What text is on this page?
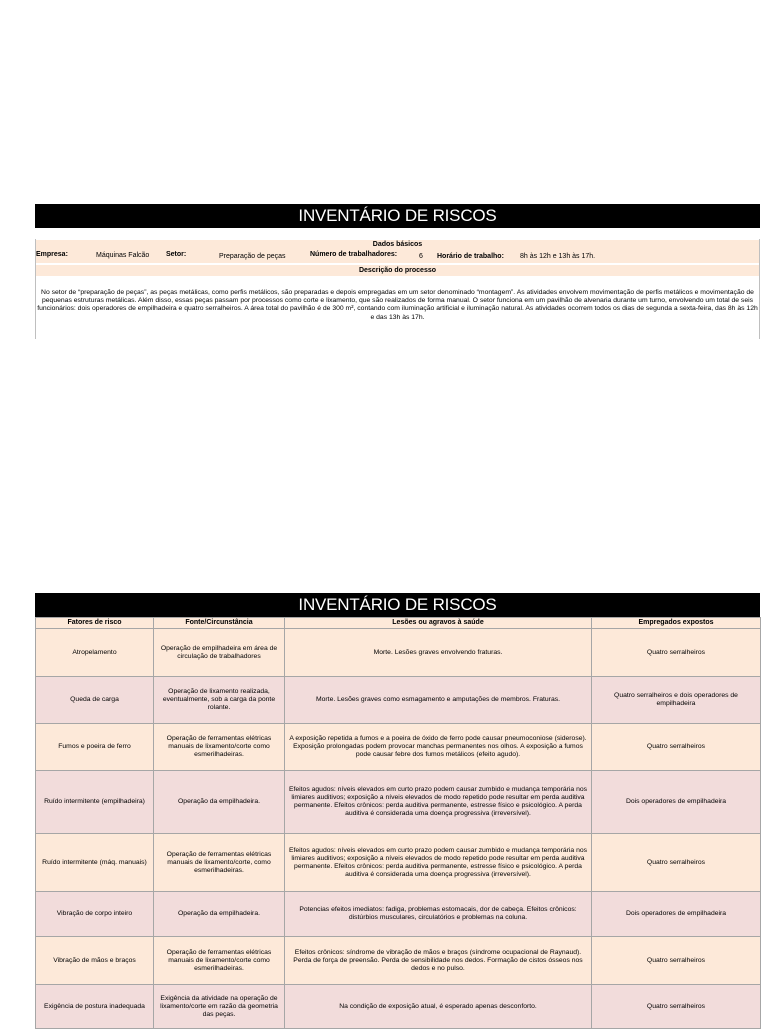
INVENTÁRIO DE RISCOS
Dados básicos
Empresa:	Máquinas Falcão Setor:	Preparação de peças	Número de trabalhadores:	6 Horário de trabalho: 8h às 12h e 13h às 17h.
Descrição do processo
No setor de “preparação de peças”, as peças metálicas, como perfis metálicos, são preparadas e depois empregadas em um setor denominado “montagem”. As atividades envolvem movimentação de perfis metálicos e movimentação de pequenas estruturas metálicas. Além disso, essas peças passam por processos como corte e lixamento, que são realizados de forma manual. O setor funciona em um pavilhão de alvenaria durante um turno, envolvendo um total de seis funcionários: dois operadores de empilhadeira e quatro serralheiros. A área total do pavilhão é de 300 m², contando com iluminação artificial e iluminação natural. As atividades ocorrem todos os dias de segunda a sexta-feira, das 8h às 12h e das 13h às 17h.
INVENTÁRIO DE RISCOS
Fatores de risco	Fonte/Circunstância	Lesões ou agravos à saúde	Empregados expostos
Atropelamento	Operação de empilhadeira em área de circulação de trabalhadores	Morte. Lesões graves envolvendo fraturas.	Quatro serralheiros
Queda de carga	Operação de lixamento realizada, eventualmente, sob a carga da ponte rolante.	Morte. Lesões graves como esmagamento e amputações de membros. Fraturas.	Quatro serralheiros e dois operadores de empilhadeira
Fumos e poeira de ferro	Operação de ferramentas elétricas manuais de lixamento/corte como esmerilhadeiras.	A exposição repetida a fumos e a poeira de óxido de ferro pode causar pneumoconiose (siderose). Exposição prolongadas podem provocar manchas permanentes nos olhos. A exposição a fumos pode causar febre dos fumos metálicos (efeito agudo).	Quatro serralheiros
Ruído intermitente (empilhadeira)	Operação da empilhadeira.	Efeitos agudos: níveis elevados em curto prazo podem causar zumbido e mudança temporária nos limiares auditivos; exposição a níveis elevados de modo repetido pode resultar em perda auditiva permanente. Efeitos crônicos: perda auditiva permanente, estresse físico e psicológico. A perda auditiva é considerada uma doença progressiva (irreversível).	Dois operadores de empilhadeira
Ruído intermitente (máq. manuais)	Operação de ferramentas elétricas manuais de lixamento/corte, como esmerilhadeiras.	Efeitos agudos: níveis elevados em curto prazo podem causar zumbido e mudança temporária nos limiares auditivos; exposição a níveis elevados de modo repetido pode resultar em perda auditiva permanente. Efeitos crônicos: perda auditiva permanente, estresse físico e psicológico. A perda auditiva é considerada uma doença progressiva (irreversível).	Quatro serralheiros
Vibração de corpo inteiro	Operação da empilhadeira.	Potencias efeitos imediatos: fadiga, problemas estomacais, dor de cabeça. Efeitos crônicos: distúrbios musculares, circulatórios e problemas na coluna.	Dois operadores de empilhadeira
Vibração de mãos e braços	Operação de ferramentas elétricas manuais de lixamento/corte como esmerilhadeiras.	Efeitos crônicos: síndrome de vibração de mãos e braços (síndrome ocupacional de Raynaud). Perda de força de preensão. Perda de sensibilidade nos dedos. Formação de cistos ósseos nos dedos e no pulso.	Quatro serralheiros
Exigência de postura inadequada	Exigência da atividade na operação de lixamento/corte em razão da geometria das peças.	Na condição de exposição atual, é esperado apenas desconforto.	Quatro serralheiros
